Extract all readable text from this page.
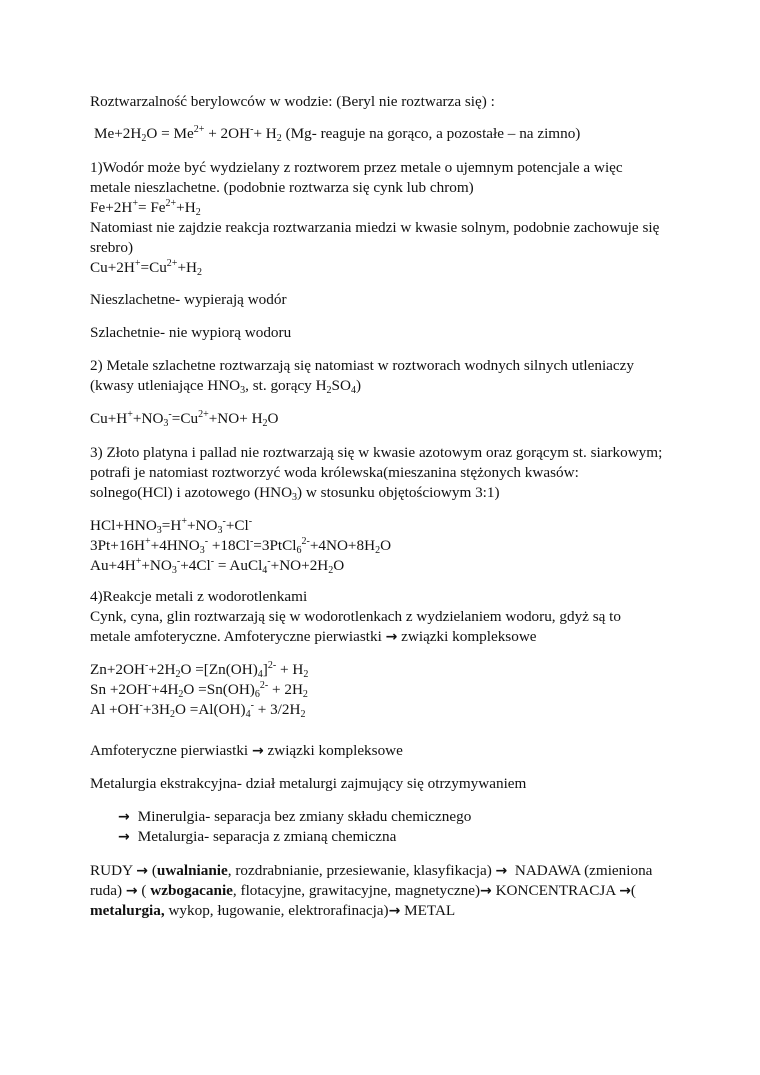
Roztwarzalność berylowców w wodzie: (Beryl nie roztwarza się) :
$Me+2H_2O = Me^{2+} + 2OH^-+ H_2$ (Mg- reaguje na gorąco, a pozostałe – na zimno)
1)Wodór może być wydzielany z roztworem przez metale o ujemnym potencjale a więc
metale nieszlachetne. (podobnie roztwarza się cynk lub chrom)
$Fe+2H^+= Fe^{2+}+H_2$
Natomiast nie zajdzie reakcja roztwarzania miedzi w kwasie solnym, podobnie zachowuje się
srebro)
$Cu+2H^+=Cu^{2+}+H_2$
Nieszlachetne- wypierają wodór
Szlachetnie- nie wypiorą wodoru
2) Metale szlachetne roztwarzają się natomiast w roztworach wodnych silnych utleniaczy
(kwasy utleniające $HNO_3$, st. gorący $H_2SO_4$)
$Cu+H^++NO_3^-=Cu^{2+}+NO+ H_2O$
3) Złoto platyna i pallad nie roztwarzają się w kwasie azotowym oraz gorącym st. siarkowym;
potrafi je natomiast roztworzyć woda królewska(mieszanina stężonych kwasów:
solnego(HCl) i azotowego $(HNO_3)$ w stosunku objętościowym 3:1)
$HCl+HNO_3=H^++NO_3^-+Cl^-$
$3Pt+16H^++4HNO_3^-$ $+18Cl^-=3PtCl_6^{2-}+4NO+8H_2O$
$Au+4H^++NO_3^-+4Cl^-$ = $AuCl_4^-+NO+2H_2O$
4)Reakcje metali z wodorotlenkami
Cynk, cyna, glin roztwarzają się w wodorotlenkach z wydzielaniem wodoru, gdyż są to
metale amfoteryczne. Amfoteryczne pierwiastki → związki kompleksowe
$Zn+2OH^-+2H_2O =[Zn(OH)_4]^{2-} + H_2$
$Sn +2OH^-+4H_2O =Sn(OH)_6^{2-} + 2H_2$
$Al +OH^-+3H_2O =Al(OH)_4^- + 3/2H_2$
Amfoteryczne pierwiastki → związki kompleksowe
Metalurgia ekstrakcyjna- dział metalurgi zajmujący się otrzymywaniem
→ Minerulgia- separacja bez zmiany składu chemicznego
→ Metalurgia- separacja z zmianą chemiczna
RUDY → (uwalnianie, rozdrabnianie, przesiewanie, klasyfikacja) → NADAWA (zmieniona
ruda) → ( wzbogacanie, flotacyjne, grawitacyjne, magnetyczne)→ KONCENTRACJA →(
metalurgia, wykop, ługowanie, elektrorafinacja)→ METAL
